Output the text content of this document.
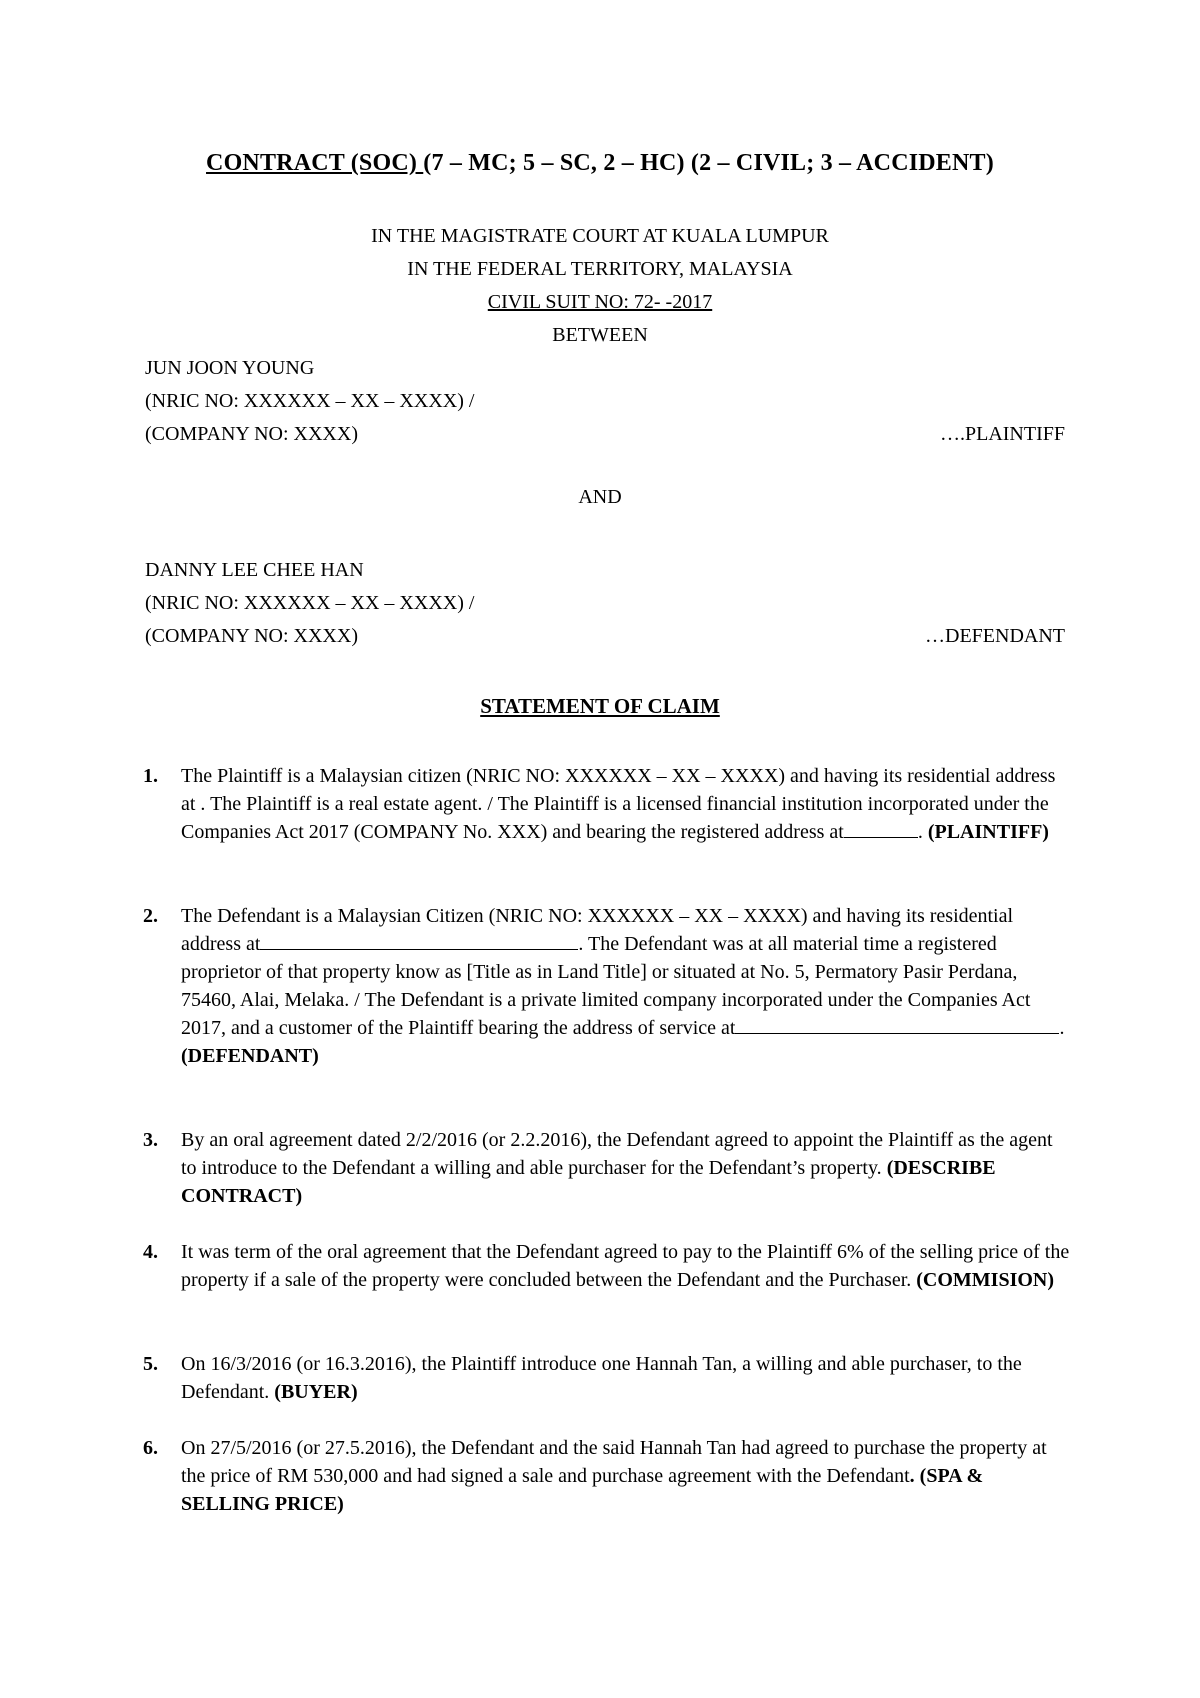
CONTRACT (SOC) (7 – MC; 5 – SC, 2 – HC) (2 – CIVIL; 3 – ACCIDENT)
IN THE MAGISTRATE COURT AT KUALA LUMPUR
IN THE FEDERAL TERRITORY, MALAYSIA
CIVIL SUIT NO: 72- -2017
BETWEEN
JUN JOON YOUNG
(NRIC NO: XXXXXX – XX – XXXX) /
(COMPANY NO: XXXX)	….PLAINTIFF
AND
DANNY LEE CHEE HAN
(NRIC NO: XXXXXX – XX – XXXX) /
(COMPANY NO: XXXX)	…DEFENDANT
STATEMENT OF CLAIM
1.	The Plaintiff is a Malaysian citizen (NRIC NO: XXXXXX – XX – XXXX) and having its residential address at . The Plaintiff is a real estate agent. / The Plaintiff is a licensed financial institution incorporated under the Companies Act 2017 (COMPANY No. XXX) and bearing the registered address at	. (PLAINTIFF)
2.	The Defendant is a Malaysian Citizen (NRIC NO: XXXXXX – XX – XXXX) and having its residential address at	. The Defendant was at all material time a registered proprietor of that property know as [Title as in Land Title] or situated at No. 5, Permatory Pasir Perdana, 75460, Alai, Melaka. / The Defendant is a private limited company incorporated under the Companies Act 2017, and a customer of the Plaintiff bearing the address of service at	.
(DEFENDANT)
3.	By an oral agreement dated 2/2/2016 (or 2.2.2016), the Defendant agreed to appoint the Plaintiff as the agent to introduce to the Defendant a willing and able purchaser for the Defendant’s property. (DESCRIBE CONTRACT)
4.	It was term of the oral agreement that the Defendant agreed to pay to the Plaintiff 6% of the selling price of the property if a sale of the property were concluded between the Defendant and the Purchaser. (COMMISION)
5.	On 16/3/2016 (or 16.3.2016), the Plaintiff introduce one Hannah Tan, a willing and able purchaser, to the Defendant. (BUYER)
6.	On 27/5/2016 (or 27.5.2016), the Defendant and the said Hannah Tan had agreed to purchase the property at the price of RM 530,000 and had signed a sale and purchase agreement with the Defendant. (SPA & SELLING PRICE)
